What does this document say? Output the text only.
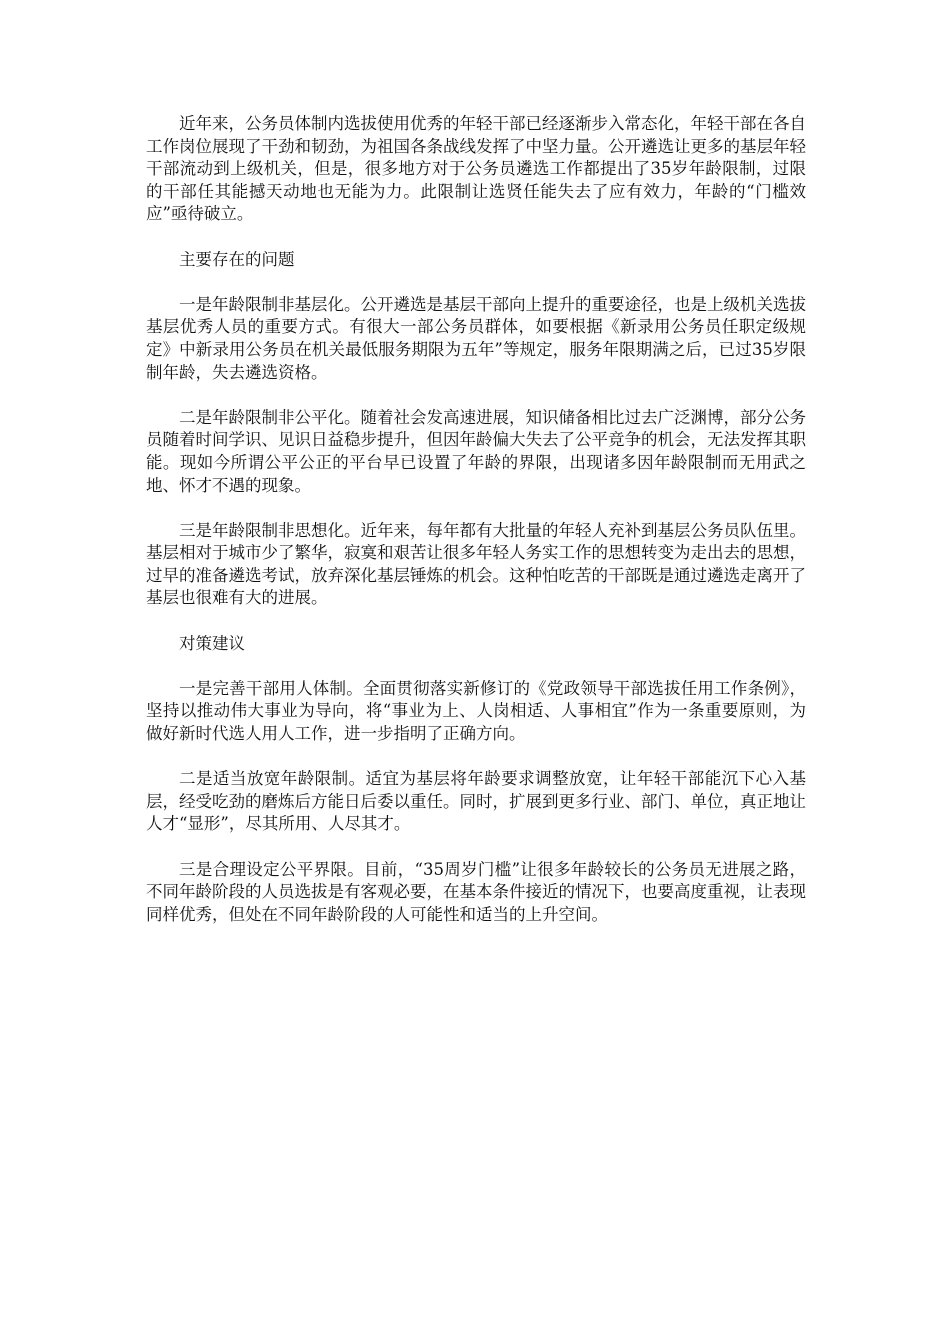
近年来，公务员体制内选拔使用优秀的年轻干部已经逐渐步入常态化，年轻干部在各自工作岗位展现了干劲和韧劲，为祖国各条战线发挥了中坚力量。公开遴选让更多的基层年轻干部流动到上级机关，但是，很多地方对于公务员遴选工作都提出了35岁年龄限制，过限的干部任其能撼天动地也无能为力。此限制让选贤任能失去了应有效力，年龄的“门槛效应”亟待破立。

主要存在的问题

一是年龄限制非基层化。公开遴选是基层干部向上提升的重要途径，也是上级机关选拔基层优秀人员的重要方式。有很大一部公务员群体，如要根据《新录用公务员任职定级规定》中新录用公务员在机关最低服务期限为五年”等规定，服务年限期满之后，已过35岁限制年龄，失去遴选资格。

二是年龄限制非公平化。随着社会发高速进展，知识储备相比过去广泛渊博，部分公务员随着时间学识、见识日益稳步提升，但因年龄偏大失去了公平竞争的机会，无法发挥其职能。现如今所谓公平公正的平台早已设置了年龄的界限，出现诸多因年龄限制而无用武之地、怀才不遇的现象。

三是年龄限制非思想化。近年来，每年都有大批量的年轻人充补到基层公务员队伍里。基层相对于城市少了繁华，寂寞和艰苦让很多年轻人务实工作的思想转变为走出去的思想，过早的准备遴选考试，放弃深化基层锤炼的机会。这种怕吃苦的干部既是通过遴选走离开了基层也很难有大的进展。

对策建议

一是完善干部用人体制。全面贯彻落实新修订的《党政领导干部选拔任用工作条例》，坚持以推动伟大事业为导向，将“事业为上、人岗相适、人事相宜”作为一条重要原则，为做好新时代选人用人工作，进一步指明了正确方向。

二是适当放宽年龄限制。适宜为基层将年龄要求调整放宽，让年轻干部能沉下心入基层，经受吃劲的磨炼后方能日后委以重任。同时，扩展到更多行业、部门、单位，真正地让人才“显形”，尽其所用、人尽其才。

三是合理设定公平界限。目前，“35周岁门槛”让很多年龄较长的公务员无进展之路，不同年龄阶段的人员选拔是有客观必要，在基本条件接近的情况下，也要高度重视，让表现同样优秀，但处在不同年龄阶段的人可能性和适当的上升空间。
